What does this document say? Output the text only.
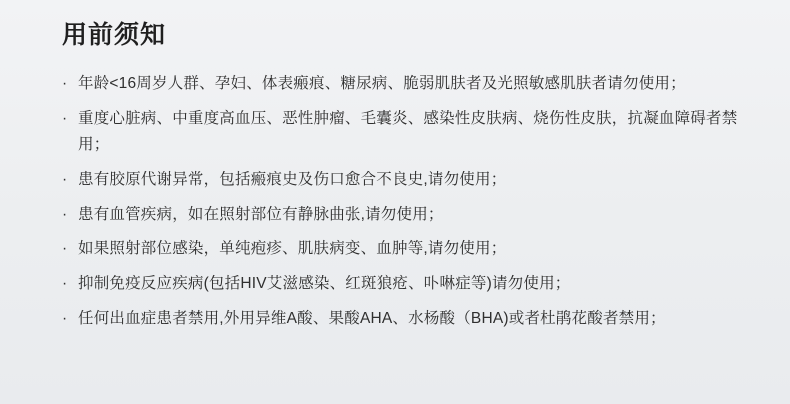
用前须知
· 年龄<16周岁人群、孕妇、体表瘢痕、糖尿病、脆弱肌肤者及光照敏感肌肤者请勿使用；
· 重度心脏病、中重度高血压、恶性肿瘤、毛囊炎、感染性皮肤病、烧伤性皮肤，抗凝血障碍者禁用；
· 患有胶原代谢异常，包括瘢痕史及伤口愈合不良史,请勿使用；
· 患有血管疾病，如在照射部位有静脉曲张,请勿使用；
· 如果照射部位感染，单纯疱疹、肌肤病变、血肿等,请勿使用；
· 抑制免疫反应疾病(包括HIV艾滋感染、红斑狼疮、卟啉症等)请勿使用；
· 任何出血症患者禁用,外用异维A酸、果酸AHA、水杨酸（BHA)或者杜鹃花酸者禁用；
